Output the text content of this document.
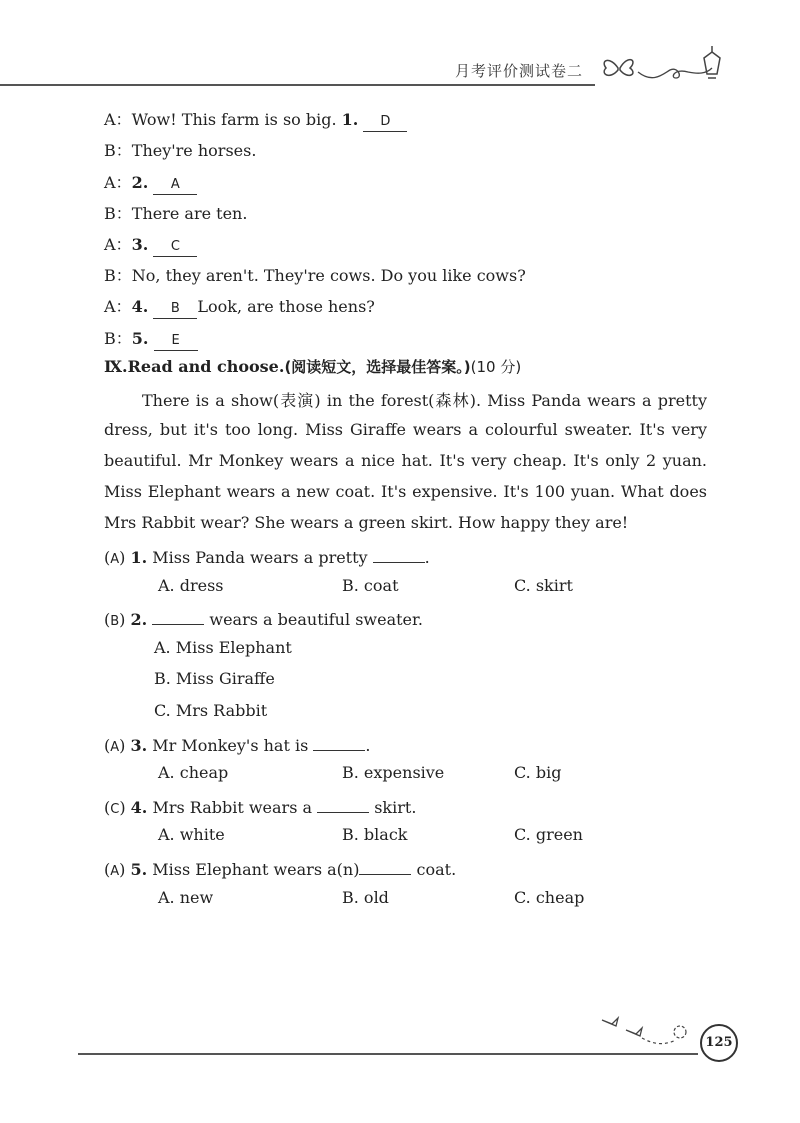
月考评价测试卷二
A：Wow! This farm is so big. 1. D
B：They're horses.
A：2. A
B：There are ten.
A：3. C
B：No, they aren't. They're cows. Do you like cows?
A：4. B Look, are those hens?
B：5. E
Ⅸ.Read and choose.(阅读短文，选择最佳答案。)(10 分)
There is a show(表演) in the forest(森林). Miss Panda wears a pretty
dress, but it's too long. Miss Giraffe wears a colourful sweater. It's very
beautiful. Mr Monkey wears a nice hat. It's very cheap. It's only 2 yuan.
Miss Elephant wears a new coat. It's expensive. It's 100 yuan. What does
Mrs Rabbit wear? She wears a green skirt. How happy they are!
(A) 1. Miss Panda wears a pretty	.
A. dress	B. coat	C. skirt
(B) 2.	wears a beautiful sweater.
A. Miss Elephant
B. Miss Giraffe
C. Mrs Rabbit
(A) 3. Mr Monkey's hat is	.
A. cheap	B. expensive	C. big
(C) 4. Mrs Rabbit wears a	skirt.
A. white	B. black	C. green
(A) 5. Miss Elephant wears a(n)	coat.
A. new	B. old	C. cheap
125
